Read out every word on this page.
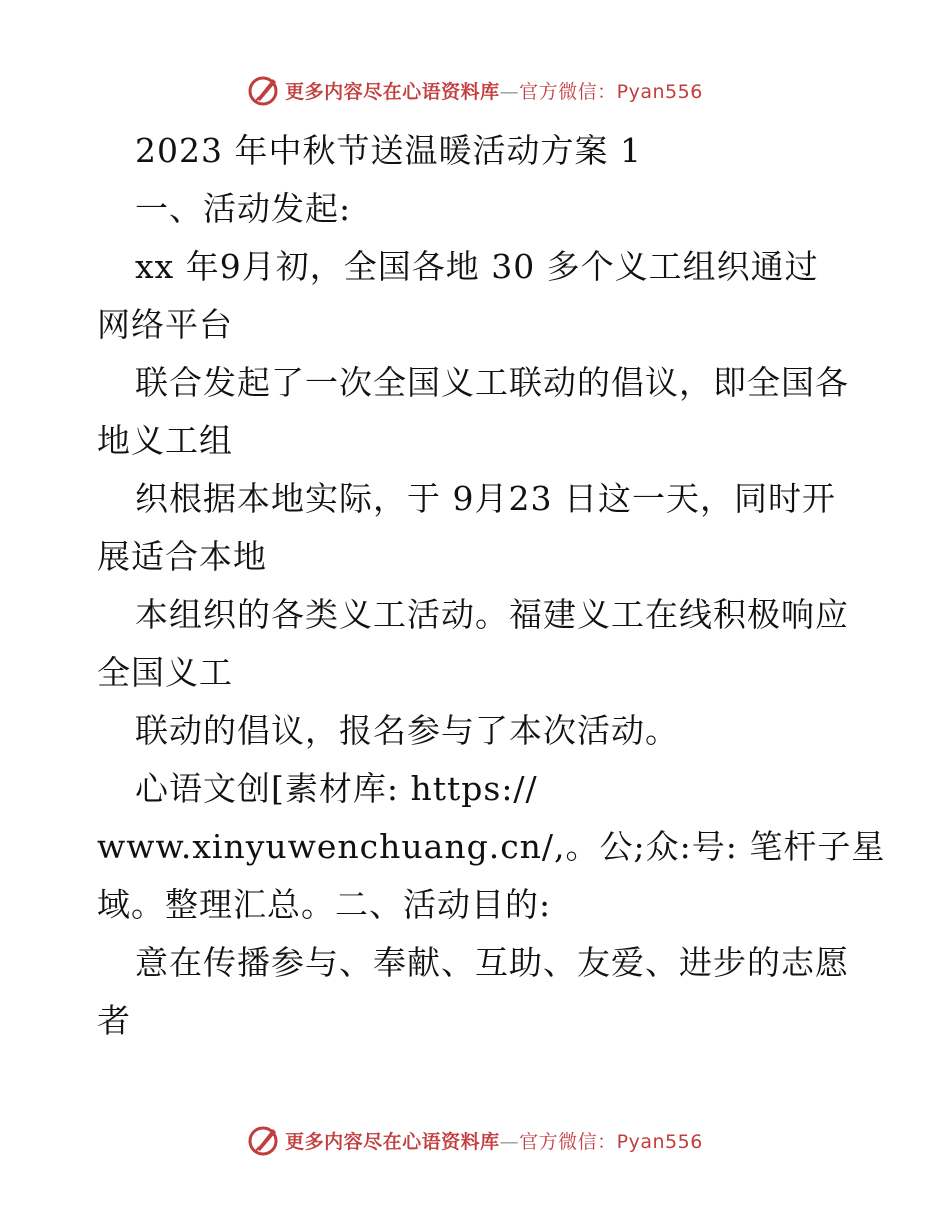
更多内容尽在心语资料库—官方微信：Pyan556
2023 年中秋节送温暖活动方案 1
一、活动发起:
xx 年9月初，全国各地 30 多个义工组织通过
网络平台
联合发起了一次全国义工联动的倡议，即全国各
地义工组
织根据本地实际，于 9月23 日这一天，同时开
展适合本地
本组织的各类义工活动。福建义工在线积极响应
全国义工
联动的倡议，报名参与了本次活动。
心语文创[素材库: https://
www.xinyuwenchuang.cn/,。公;众:号: 笔杆子星
域。整理汇总。二、活动目的:
意在传播参与、奉献、互助、友爱、进步的志愿
者
更多内容尽在心语资料库—官方微信：Pyan556
